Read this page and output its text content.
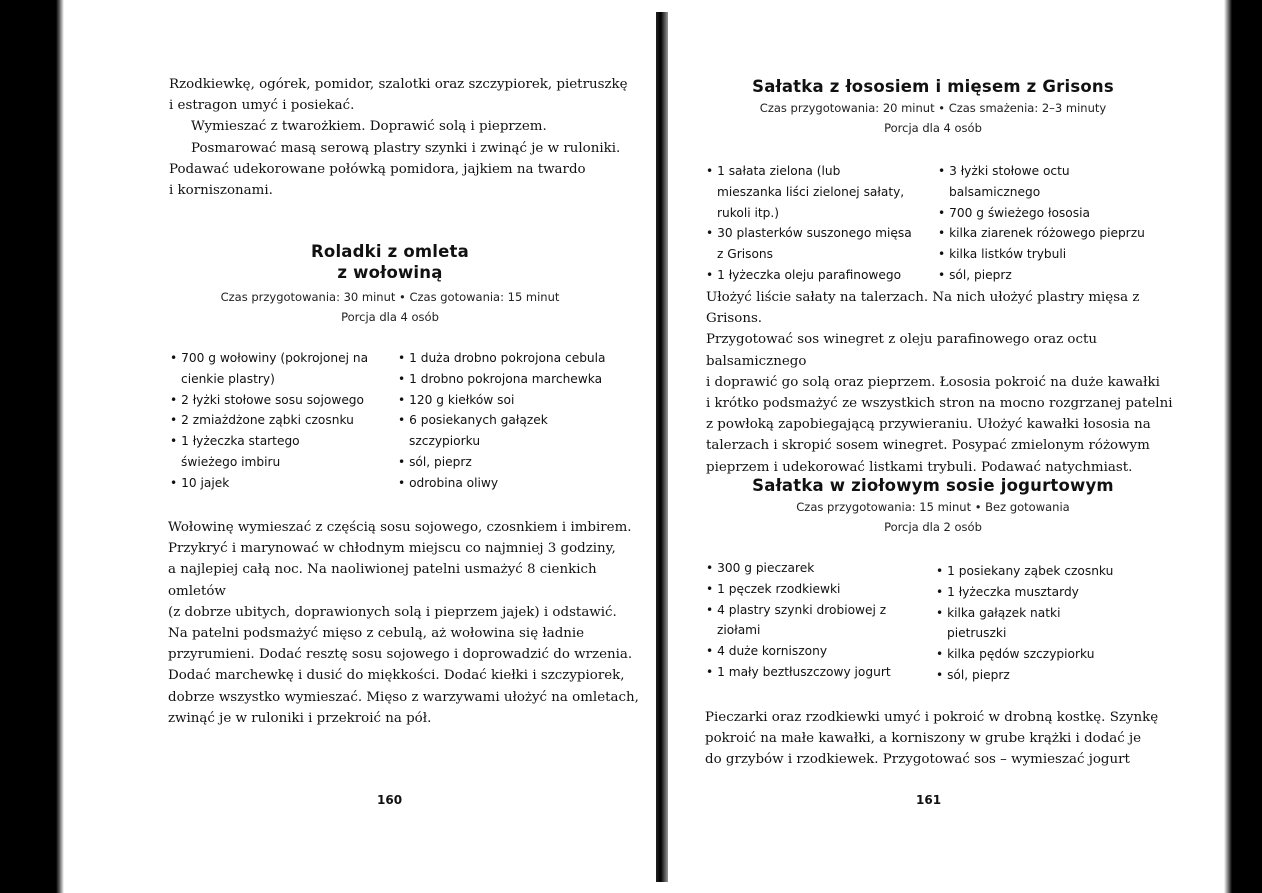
Rzodkiewkę, ogórek, pomidor, szalotki oraz szczypiorek, pietruszkę

i estragon umyć i posiekać.

Wymieszać z twarożkiem. Doprawić solą i pieprzem.

Posmarować masą serową plastry szynki i zwinąć je w ruloniki.

Podawać udekorowane połówką pomidora, jajkiem na twardo

i korniszonami.

Roladki z omleta
z wołowiną
Czas przygotowania: 30 minut • Czas gotowania: 15 minut
Porcja dla 4 osób
• 700 g wołowiny (pokrojonej na cienkie plastry)
• 2 łyżki stołowe sosu sojowego
• 2 zmiażdżone ząbki czosnku
• 1 łyżeczka startego świeżego imbiru
• 10 jajek
• 1 duża drobno pokrojona cebula
• 1 drobno pokrojona marchewka
• 120 g kiełków soi
• 6 posiekanych gałązek szczypiorku
• sól, pieprz
• odrobina oliwy

Wołowinę wymieszać z częścią sosu sojowego, czosnkiem i imbirem.

Przykryć i marynować w chłodnym miejscu co najmniej 3 godziny,

a najlepiej całą noc. Na naoliwionej patelni usmażyć 8 cienkich omletów

(z dobrze ubitych, doprawionych solą i pieprzem jajek) i odstawić.

Na patelni podsmażyć mięso z cebulą, aż wołowina się ładnie

przyrumieni. Dodać resztę sosu sojowego i doprowadzić do wrzenia.

Dodać marchewkę i dusić do miękkości. Dodać kiełki i szczypiorek,

dobrze wszystko wymieszać. Mięso z warzywami ułożyć na omletach,

zwinąć je w ruloniki i przekroić na pół.

160
Sałatka z łososiem i mięsem z Grisons
Czas przygotowania: 20 minut • Czas smażenia: 2–3 minuty
Porcja dla 4 osób
• 1 sałata zielona (lub mieszanka liści zielonej sałaty, rukoli itp.)
• 30 plasterków suszonego mięsa z Grisons
• 1 łyżeczka oleju parafinowego
• 3 łyżki stołowe octu balsamicznego
• 700 g świeżego łososia
• kilka ziarenek różowego pieprzu
• kilka listków trybuli
• sól, pieprz

Ułożyć liście sałaty na talerzach. Na nich ułożyć plastry mięsa z Grisons.

Przygotować sos winegret z oleju parafinowego oraz octu balsamicznego

i doprawić go solą oraz pieprzem. Łososia pokroić na duże kawałki

i krótko podsmażyć ze wszystkich stron na mocno rozgrzanej patelni

z powłoką zapobiegającą przywieraniu. Ułożyć kawałki łososia na

talerzach i skropić sosem winegret. Posypać zmielonym różowym

pieprzem i udekorować listkami trybuli. Podawać natychmiast.

Sałatka w ziołowym sosie jogurtowym
Czas przygotowania: 15 minut • Bez gotowania
Porcja dla 2 osób
• 300 g pieczarek
• 1 pęczek rzodkiewki
• 4 plastry szynki drobiowej z ziołami
• 4 duże korniszony
• 1 mały beztłuszczowy jogurt
• 1 posiekany ząbek czosnku
• 1 łyżeczka musztardy
• kilka gałązek natki pietruszki
• kilka pędów szczypiorku
• sól, pieprz

Pieczarki oraz rzodkiewki umyć i pokroić w drobną kostkę. Szynkę

pokroić na małe kawałki, a korniszony w grube krążki i dodać je

do grzybów i rzodkiewek. Przygotować sos – wymieszać jogurt

161
